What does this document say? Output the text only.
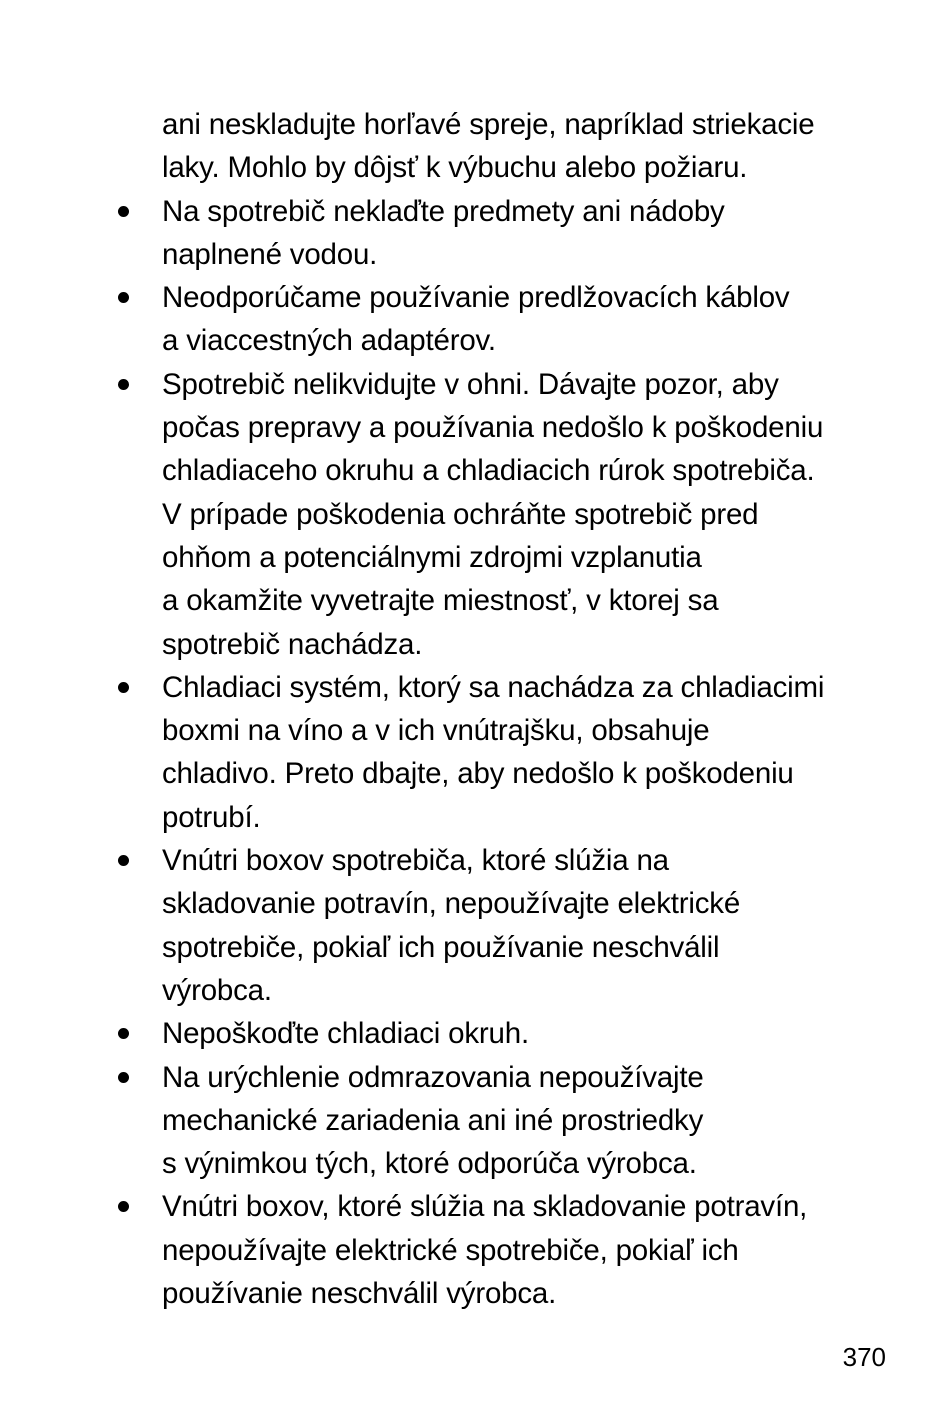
ani neskladujte horľavé spreje, napríklad striekacie
laky. Mohlo by dôjsť k výbuchu alebo požiaru.

Na spotrebič neklaďte predmety ani nádoby
naplnené vodou.
Neodporúčame používanie predlžovacích káblov
a viaccestných adaptérov.
Spotrebič nelikvidujte v ohni. Dávajte pozor, aby
počas prepravy a používania nedošlo k poškodeniu
chladiaceho okruhu a chladiacich rúrok spotrebiča.
V prípade poškodenia ochráňte spotrebič pred
ohňom a potenciálnymi zdrojmi vzplanutia
a okamžite vyvetrajte miestnosť, v ktorej sa
spotrebič nachádza.
Chladiaci systém, ktorý sa nachádza za chladiacimi
boxmi na víno a v ich vnútrajšku, obsahuje
chladivo. Preto dbajte, aby nedošlo k poškodeniu
potrubí.
Vnútri boxov spotrebiča, ktoré slúžia na
skladovanie potravín, nepoužívajte elektrické
spotrebiče, pokiaľ ich používanie neschválil
výrobca.
Nepoškoďte chladiaci okruh.
Na urýchlenie odmrazovania nepoužívajte
mechanické zariadenia ani iné prostriedky
s výnimkou tých, ktoré odporúča výrobca.
Vnútri boxov, ktoré slúžia na skladovanie potravín,
nepoužívajte elektrické spotrebiče, pokiaľ ich
používanie neschválil výrobca.
370
